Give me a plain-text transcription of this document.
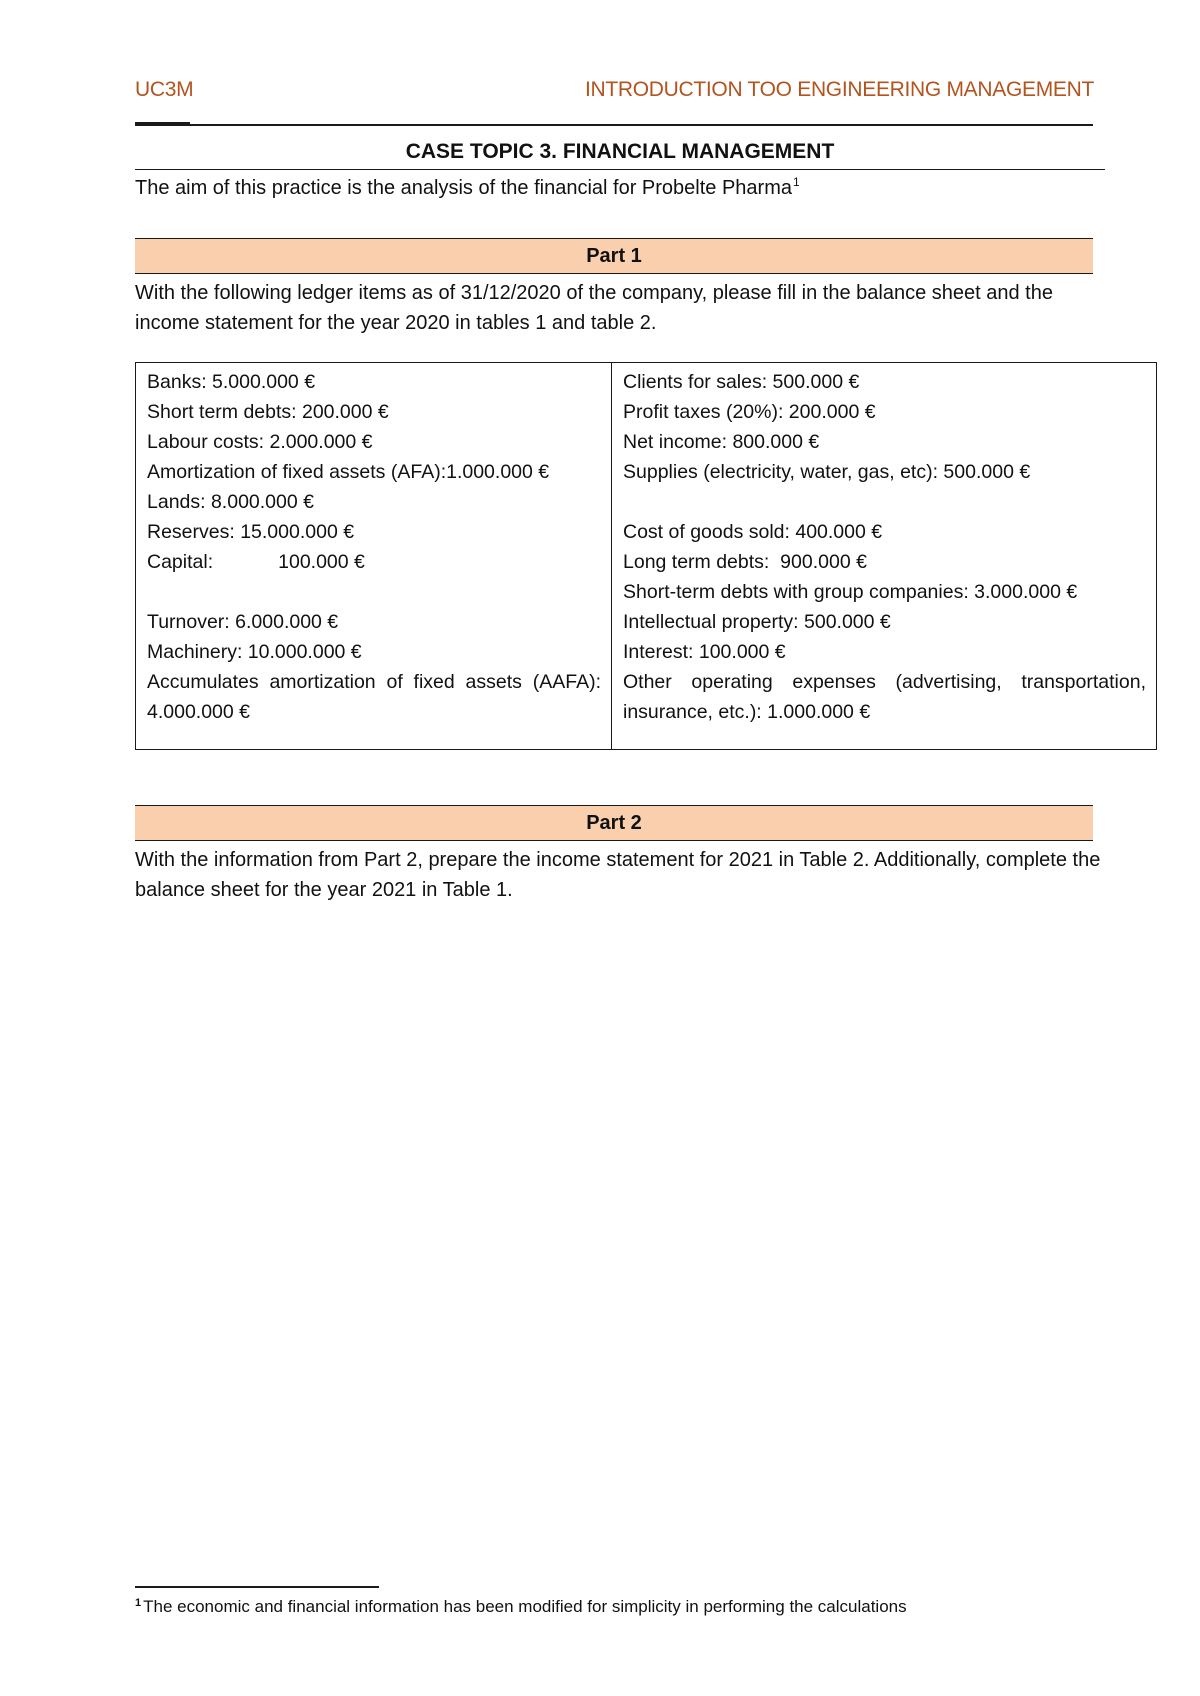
UC3M	INTRODUCTION TOO ENGINEERING MANAGEMENT
CASE TOPIC 3. FINANCIAL MANAGEMENT
The aim of this practice is the analysis of the financial for Probelte Pharma$^1$
Part 1
With the following ledger items as of 31/12/2020 of the company, please fill in the balance sheet and the income statement for the year 2020 in tables 1 and table 2.
Banks: 5.000.000 €
Short term debts: 200.000 €
Labour costs: 2.000.000 €
Amortization of fixed assets (AFA):1.000.000 €
Lands: 8.000.000 €
Reserves: 15.000.000 €
Capital:            100.000 €
Turnover: 6.000.000 €
Machinery: 10.000.000 €
Accumulates amortization of fixed assets (AAFA): 4.000.000 €
Clients for sales: 500.000 €
Profit taxes (20%): 200.000 €
Net income: 800.000 €
Supplies (electricity, water, gas, etc): 500.000 €
Cost of goods sold: 400.000 €
Long term debts:  900.000 €
Short-term debts with group companies: 3.000.000 €
Intellectual property: 500.000 €
Interest: 100.000 €
Other operating expenses (advertising, transportation, insurance, etc.): 1.000.000 €
Part 2
With the information from Part 2, prepare the income statement for 2021 in Table 2. Additionally, complete the balance sheet for the year 2021 in Table 1.
$^1$ The economic and financial information has been modified for simplicity in performing the calculations
